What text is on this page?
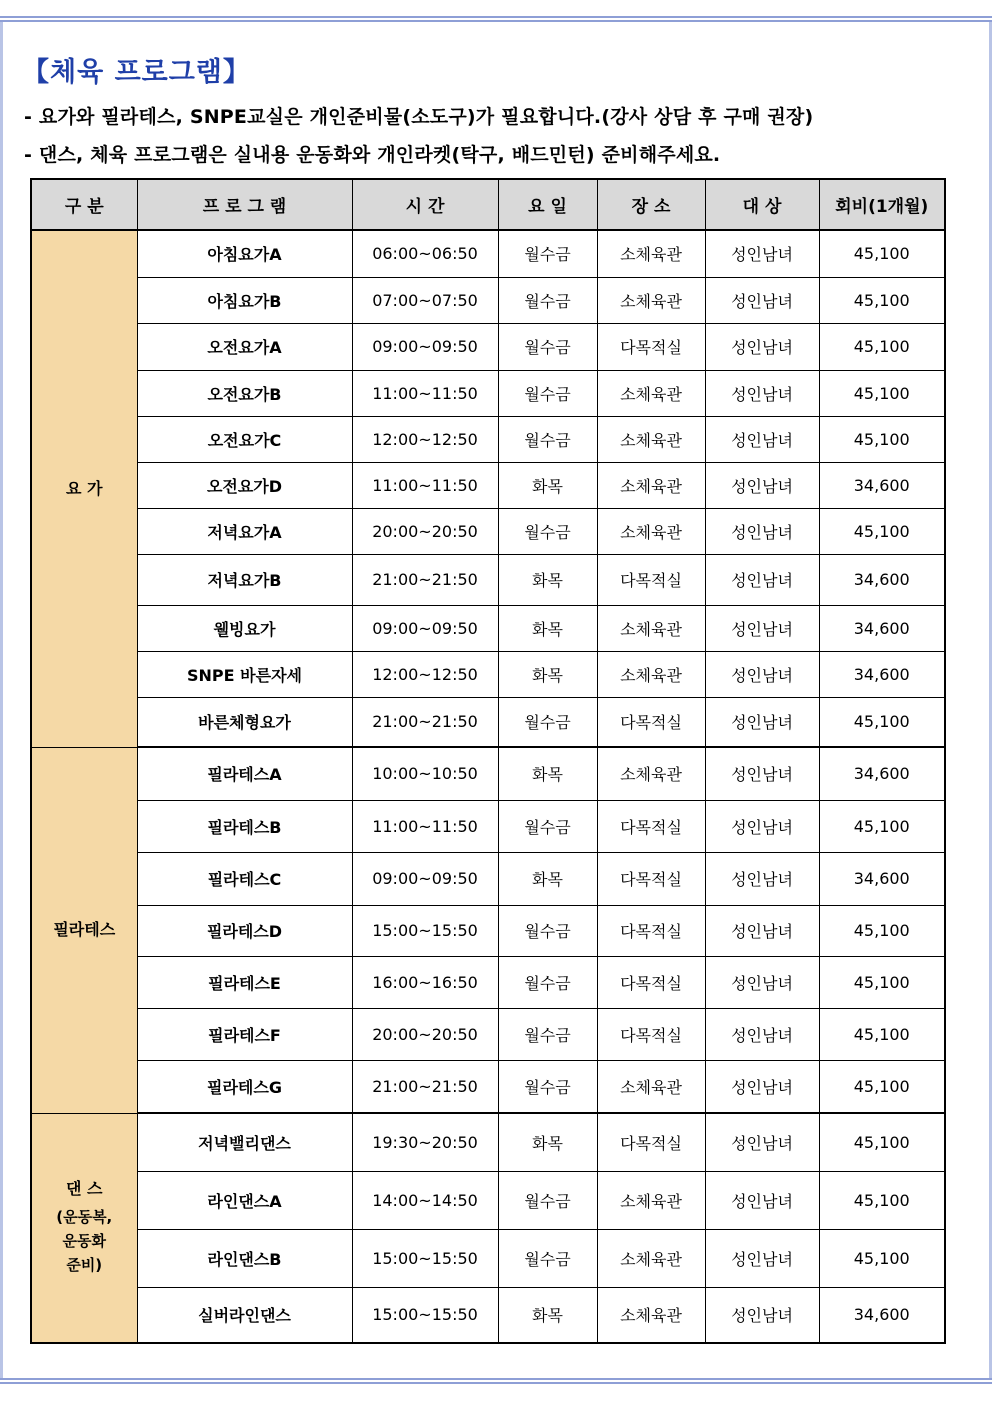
【체육 프로그램】

- 요가와 필라테스, SNPE교실은 개인준비물(소도구)가 필요합니다.(강사 상담 후 구매 권장)

- 댄스, 체육 프로그램은 실내용 운동화와 개인라켓(탁구, 배드민턴) 준비해주세요.

구 분	프 로 그 램	시 간	요 일	장 소	대 상	회비(1개월)
요 가	아침요가A	06:00~06:50	월수금	소체육관	성인남녀	45,100
	아침요가B	07:00~07:50	월수금	소체육관	성인남녀	45,100
	오전요가A	09:00~09:50	월수금	다목적실	성인남녀	45,100
	오전요가B	11:00~11:50	월수금	소체육관	성인남녀	45,100
	오전요가C	12:00~12:50	월수금	소체육관	성인남녀	45,100
	오전요가D	11:00~11:50	화목	소체육관	성인남녀	34,600
	저녁요가A	20:00~20:50	월수금	소체육관	성인남녀	45,100
	저녁요가B	21:00~21:50	화목	다목적실	성인남녀	34,600
	웰빙요가	09:00~09:50	화목	소체육관	성인남녀	34,600
	SNPE 바른자세	12:00~12:50	화목	소체육관	성인남녀	34,600
	바른체형요가	21:00~21:50	월수금	다목적실	성인남녀	45,100
필라테스	필라테스A	10:00~10:50	화목	소체육관	성인남녀	34,600
	필라테스B	11:00~11:50	월수금	다목적실	성인남녀	45,100
	필라테스C	09:00~09:50	화목	다목적실	성인남녀	34,600
	필라테스D	15:00~15:50	월수금	다목적실	성인남녀	45,100
	필라테스E	16:00~16:50	월수금	다목적실	성인남녀	45,100
	필라테스F	20:00~20:50	월수금	다목적실	성인남녀	45,100
	필라테스G	21:00~21:50	월수금	소체육관	성인남녀	45,100
댄 스
(운동복,
운동화
준비)	저녁밸리댄스	19:30~20:50	화목	다목적실	성인남녀	45,100
	라인댄스A	14:00~14:50	월수금	소체육관	성인남녀	45,100
	라인댄스B	15:00~15:50	월수금	소체육관	성인남녀	45,100
	실버라인댄스	15:00~15:50	화목	소체육관	성인남녀	34,600
